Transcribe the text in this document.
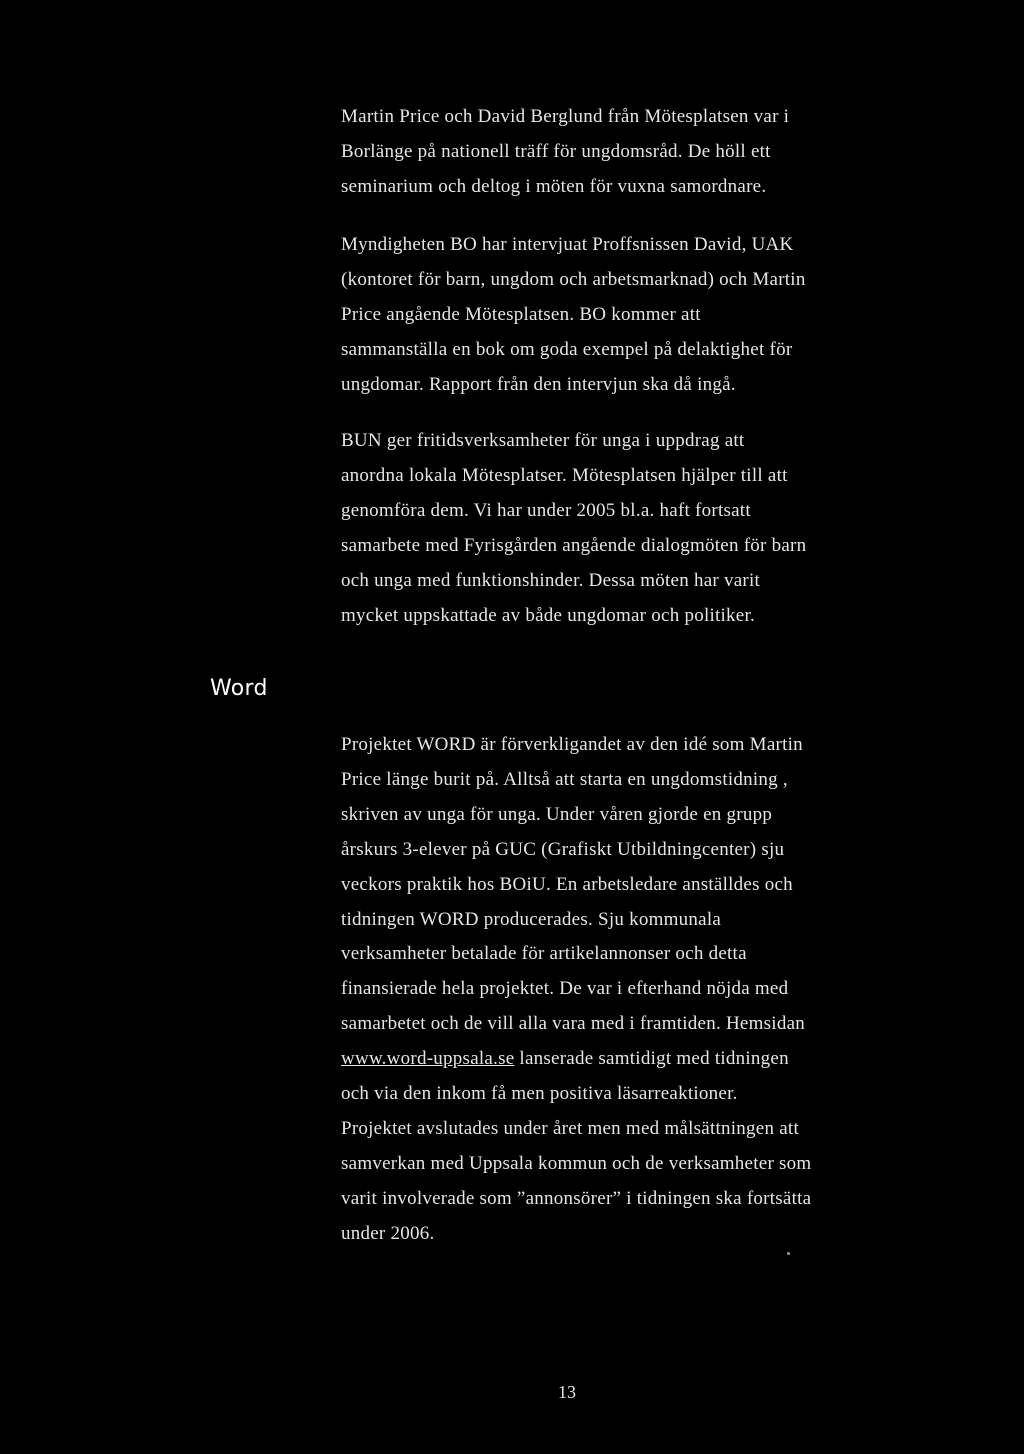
Martin Price och David Berglund från Mötesplatsen var i
Borlänge på nationell träff för ungdomsråd. De höll ett
seminarium och deltog i möten för vuxna samordnare.
Myndigheten BO har intervjuat Proffsnissen David, UAK
(kontoret för barn, ungdom och arbetsmarknad) och Martin
Price angående Mötesplatsen. BO kommer att
sammanställa en bok om goda exempel på delaktighet för
ungdomar. Rapport från den intervjun ska då ingå.
BUN ger fritidsverksamheter för unga i uppdrag att
anordna lokala Mötesplatser. Mötesplatsen hjälper till att
genomföra dem. Vi har under 2005 bl.a. haft fortsatt
samarbete med Fyrisgården angående dialogmöten för barn
och unga med funktionshinder. Dessa möten har varit
mycket uppskattade av både ungdomar och politiker.
Word
Projektet WORD är förverkligandet av den idé som Martin
Price länge burit på. Alltså att starta en ungdomstidning ,
skriven av unga för unga. Under våren gjorde en grupp
årskurs 3-elever på GUC (Grafiskt Utbildningcenter) sju
veckors praktik hos BOiU. En arbetsledare anställdes och
tidningen WORD producerades. Sju kommunala
verksamheter betalade för artikelannonser och detta
finansierade hela projektet. De var i efterhand nöjda med
samarbetet och de vill alla vara med i framtiden. Hemsidan
www.word-uppsala.se lanserade samtidigt med tidningen
och via den inkom få men positiva läsarreaktioner.
Projektet avslutades under året men med målsättningen att
samverkan med Uppsala kommun och de verksamheter som
varit involverade som ”annonsörer” i tidningen ska fortsätta
under 2006.
13
